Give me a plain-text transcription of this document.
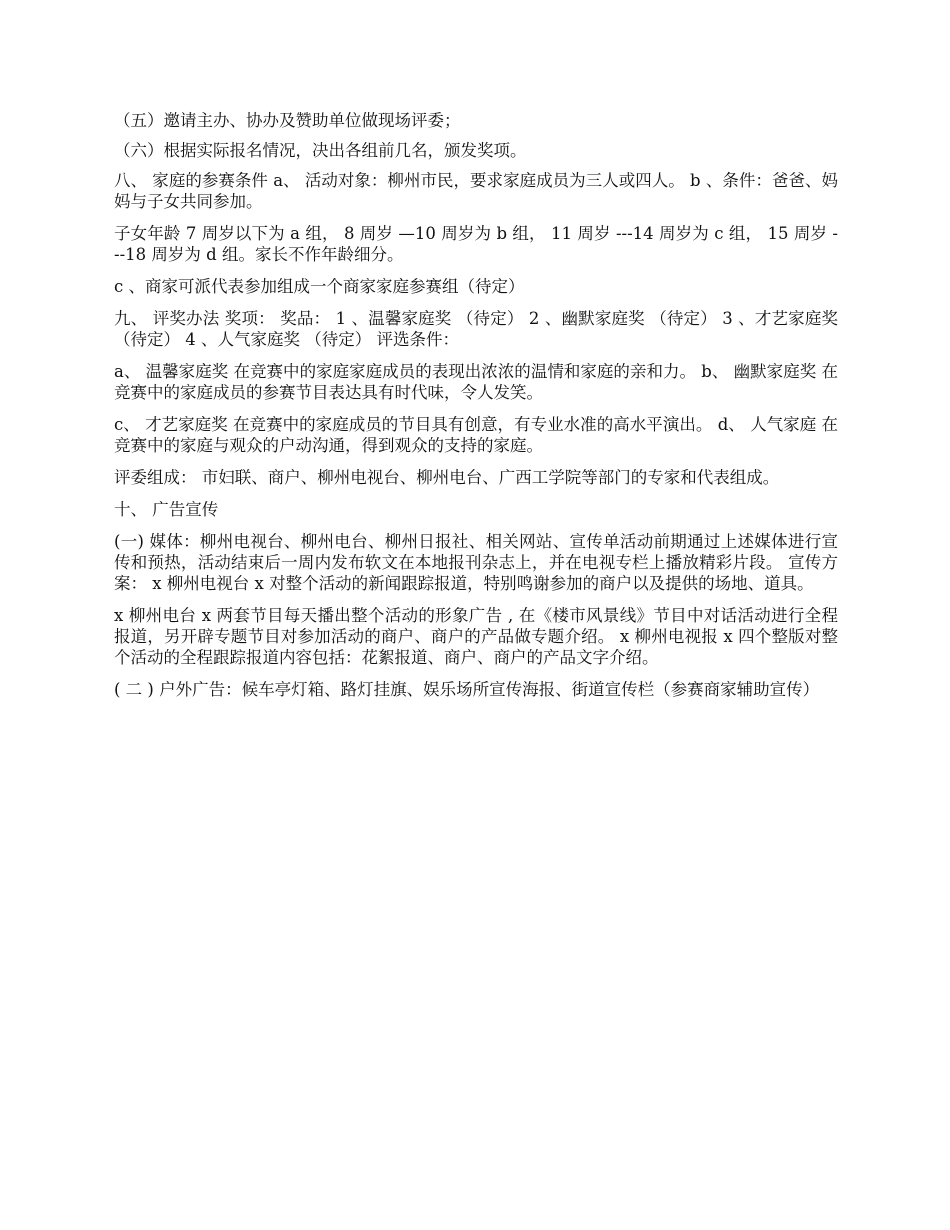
（五）邀请主办、协办及赞助单位做现场评委；

（六）根据实际报名情况，决出各组前几名，颁发奖项。

八、 家庭的参赛条件 a、 活动对象：柳州市民，要求家庭成员为三人或四人。 b 、条件：爸爸、妈妈与子女共同参加。

子女年龄 7 周岁以下为 a 组， 8 周岁 —10 周岁为 b 组， 11 周岁 ---14 周岁为 c 组， 15 周岁 ---18 周岁为 d 组。家长不作年龄细分。

c 、商家可派代表参加组成一个商家家庭参赛组（待定）

九、 评奖办法 奖项： 奖品： 1 、温馨家庭奖 （待定） 2 、幽默家庭奖 （待定） 3 、才艺家庭奖 （待定） 4 、人气家庭奖 （待定） 评选条件：

a、 温馨家庭奖 在竞赛中的家庭家庭成员的表现出浓浓的温情和家庭的亲和力。 b、 幽默家庭奖 在竞赛中的家庭成员的参赛节目表达具有时代味，令人发笑。

c、 才艺家庭奖 在竞赛中的家庭成员的节目具有创意，有专业水准的高水平演出。 d、 人气家庭 在竞赛中的家庭与观众的户动沟通，得到观众的支持的家庭。

评委组成： 市妇联、商户、柳州电视台、柳州电台、广西工学院等部门的专家和代表组成。

十、 广告宣传

(一) 媒体：柳州电视台、柳州电台、柳州日报社、相关网站、宣传单活动前期通过上述媒体进行宣传和预热，活动结束后一周内发布软文在本地报刊杂志上，并在电视专栏上播放精彩片段。 宣传方案： x 柳州电视台 x 对整个活动的新闻跟踪报道，特别鸣谢参加的商户以及提供的场地、道具。

x 柳州电台 x 两套节目每天播出整个活动的形象广告 , 在《楼市风景线》节目中对话活动进行全程报道，另开辟专题节目对参加活动的商户、商户的产品做专题介绍。 x 柳州电视报 x 四个整版对整个活动的全程跟踪报道内容包括：花絮报道、商户、商户的产品文字介绍。

( 二 ) 户外广告：候车亭灯箱、路灯挂旗、娱乐场所宣传海报、街道宣传栏（参赛商家辅助宣传）
